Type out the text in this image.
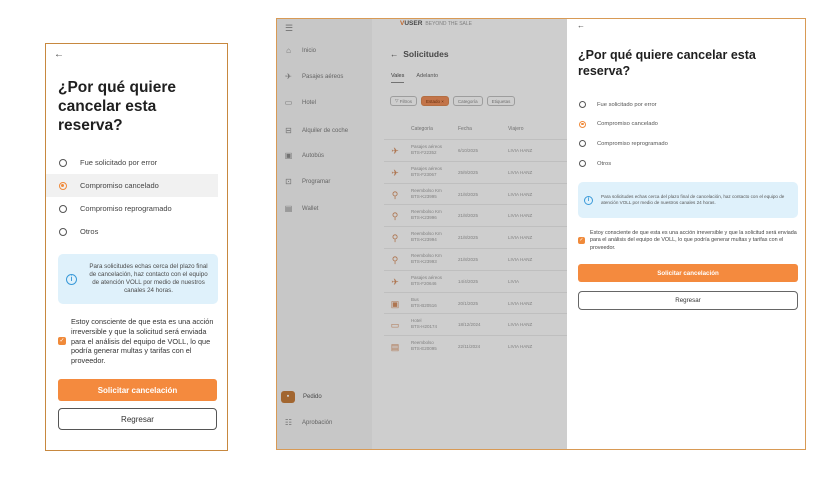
←
¿Por qué quiere cancelar esta reserva?
Fue solicitado por error
Compromiso cancelado
Compromiso reprogramado
Otros
i
Para solicitudes echas cerca del plazo final de cancelación, haz contacto con el equipo de atención VOLL por medio de nuestros canales 24 horas.
✓
Estoy consciente de que esta es una acción irreversible y que la solicitud será enviada para el análisis del equipo de VOLL, lo que podría generar multas y tarifas con el proveedor.
Solicitar cancelación
Regresar
☰
⌂	Inicio
✈ Pasajes aéreos
▭ Hotel
⊟ Alquiler de coche
▣ Autobús
⊡ Programar
▤ Wallet
▪	Pedido
☷ Aprobación
VUSER BEYOND THE SALE
← Solicitudes
Vales Adelanto
▽ Filtros	Estado ×	Categoría	Etiquetas
Categoría	Fecha	Viajero
✈	Pasajes aéreos
BTS-F22352	6/10/2025	LIVIA HANZ
✈	Pasajes aéreos
BTS-F23067	25/9/2025	LIVIA HANZ
⚲	Reembolso Km
BTS-K23995	21/8/2025	LIVIA HANZ
⚲	Reembolso Km
BTS-K23996	21/8/2025	LIVIA HANZ
⚲	Reembolso Km
BTS-K23994	21/8/2025	LIVIA HANZ
⚲	Reembolso Km
BTS-K23993	21/8/2025	LIVIA HANZ
✈	Pasajes aéreos
BTS-F20646	14/4/2025	LIVIA
▣	Bus
BTS-B20516	20/1/2025	LIVIA HANZ
▭	Hotel
BTS-H20174	18/12/2024	LIVIA HANZ
▤	Reembolso
BTS-E20095	22/11/2024	LIVIA HANZ
←
¿Por qué quiere cancelar esta reserva?
Fue solicitado por error
Compromiso cancelado
Compromiso reprogramado
Otros
i
Para solicitudes echas cerca del plazo final de cancelación, haz contacto con el equipo de atención VOLL por medio de nuestros canales 24 horas.
✓
Estoy consciente de que esta es una acción irreversible y que la solicitud será enviada para el análisis del equipo de VOLL, lo que podría generar multas y tarifas con el proveedor.
Solicitar cancelación
Regresar
